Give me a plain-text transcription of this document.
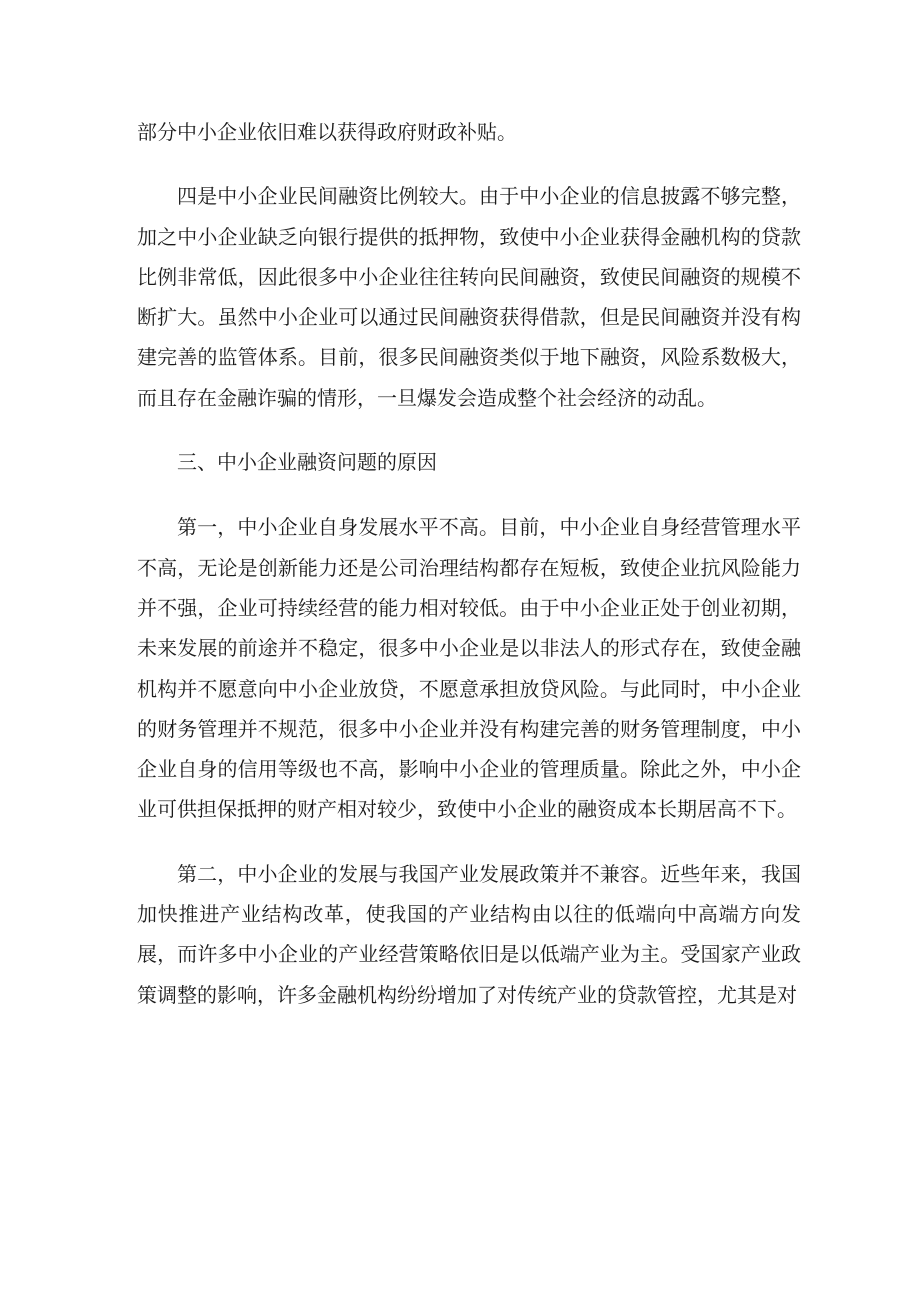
部分中小企业依旧难以获得政府财政补贴。

四是中小企业民间融资比例较大。由于中小企业的信息披露不够完整，加之中小企业缺乏向银行提供的抵押物，致使中小企业获得金融机构的贷款比例非常低，因此很多中小企业往往转向民间融资，致使民间融资的规模不断扩大。虽然中小企业可以通过民间融资获得借款，但是民间融资并没有构建完善的监管体系。目前，很多民间融资类似于地下融资，风险系数极大，而且存在金融诈骗的情形，一旦爆发会造成整个社会经济的动乱。

三、中小企业融资问题的原因

第一，中小企业自身发展水平不高。目前，中小企业自身经营管理水平不高，无论是创新能力还是公司治理结构都存在短板，致使企业抗风险能力并不强，企业可持续经营的能力相对较低。由于中小企业正处于创业初期，未来发展的前途并不稳定，很多中小企业是以非法人的形式存在，致使金融机构并不愿意向中小企业放贷，不愿意承担放贷风险。与此同时，中小企业的财务管理并不规范，很多中小企业并没有构建完善的财务管理制度，中小企业自身的信用等级也不高，影响中小企业的管理质量。除此之外，中小企业可供担保抵押的财产相对较少，致使中小企业的融资成本长期居高不下。

第二，中小企业的发展与我国产业发展政策并不兼容。近些年来，我国加快推进产业结构改革，使我国的产业结构由以往的低端向中高端方向发展，而许多中小企业的产业经营策略依旧是以低端产业为主。受国家产业政策调整的影响，许多金融机构纷纷增加了对传统产业的贷款管控，尤其是对
